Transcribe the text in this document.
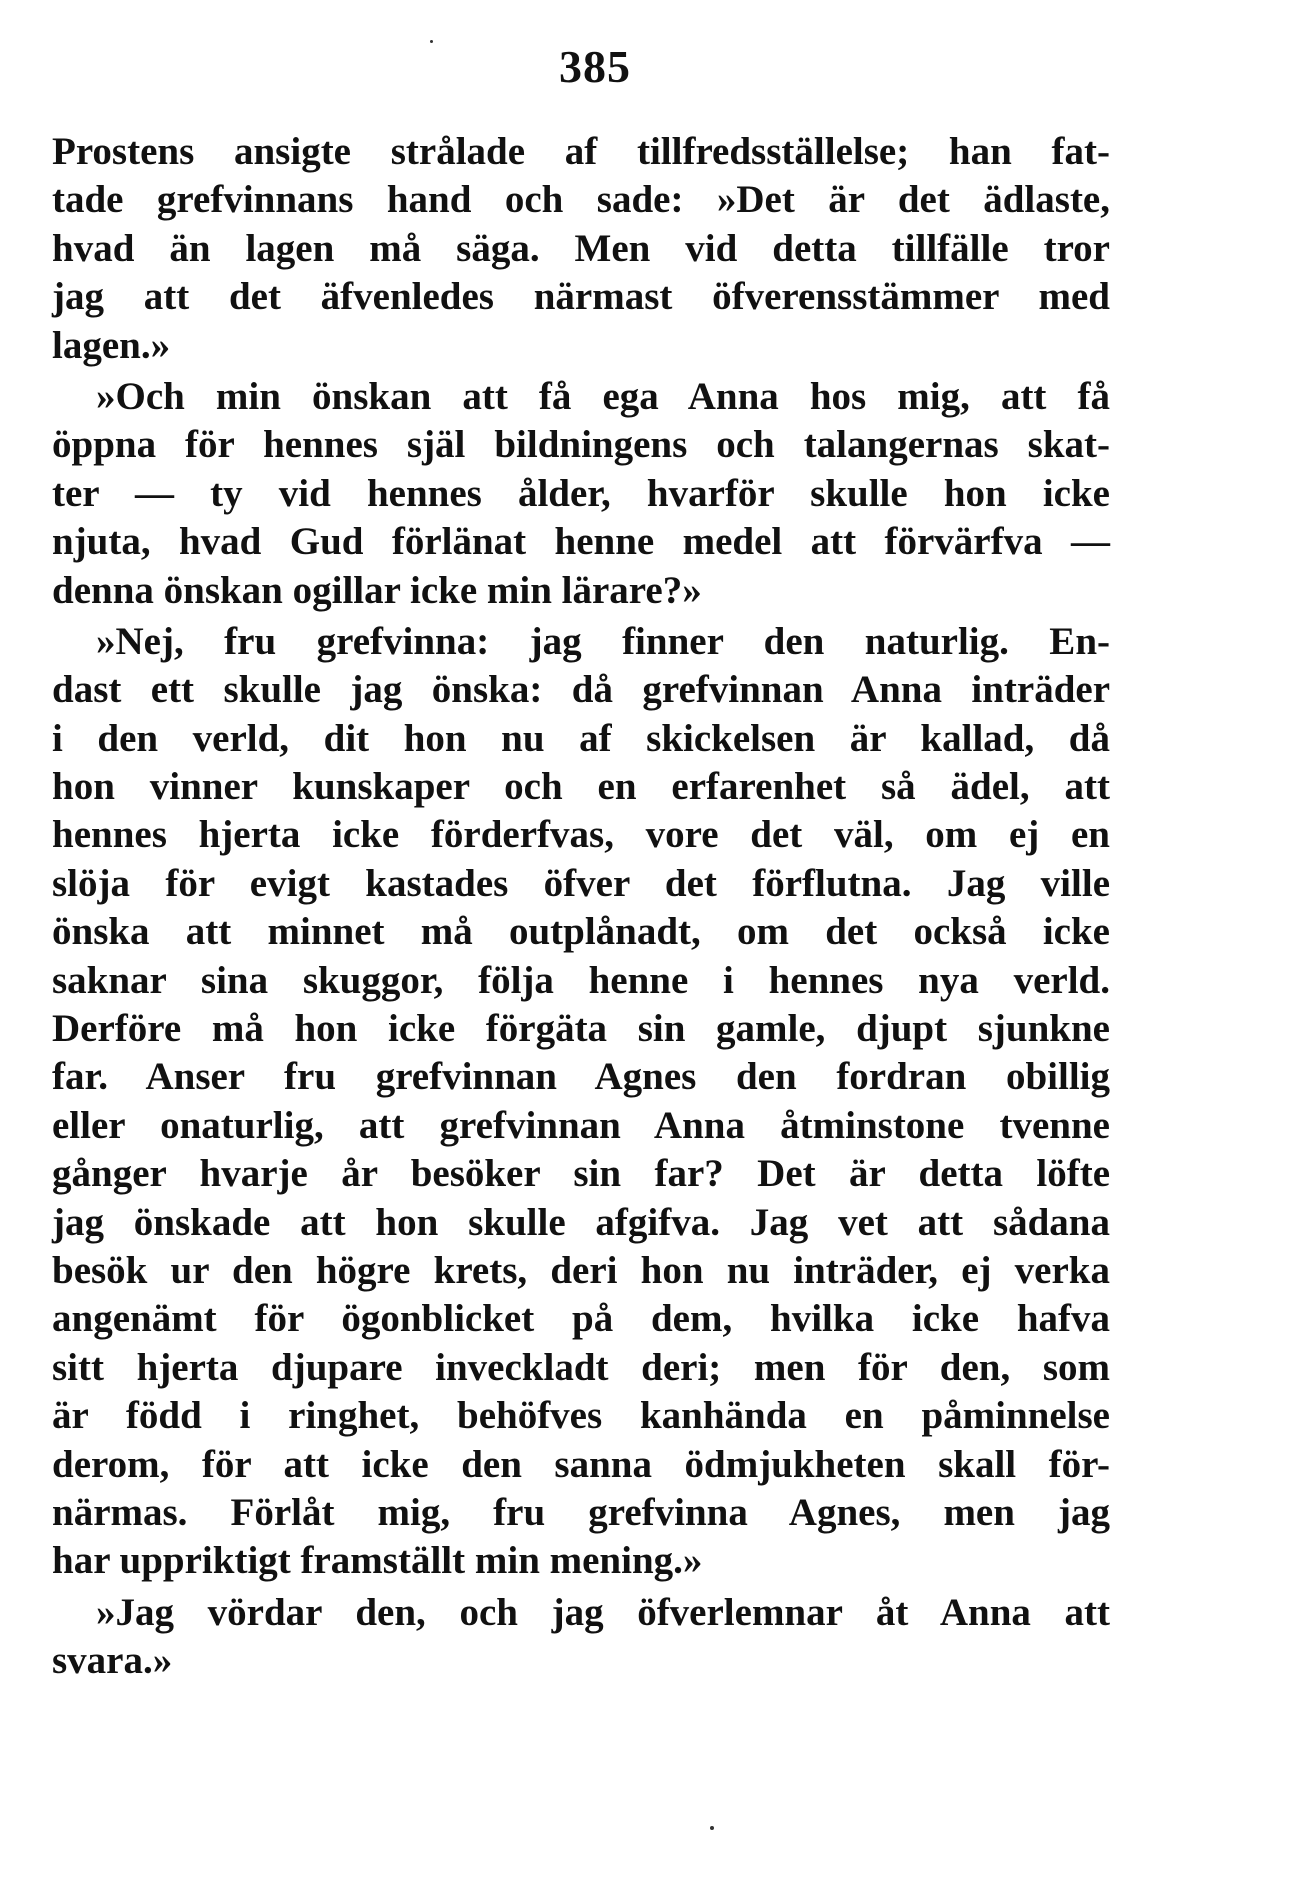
385
Prostens ansigte strålade af tillfredsställelse; han fat-
tade grefvinnans hand och sade: »Det är det ädlaste,
hvad än lagen må säga. Men vid detta tillfälle tror
jag att det äfvenledes närmast öfverensstämmer med
lagen.»
»Och min önskan att få ega Anna hos mig, att få
öppna för hennes själ bildningens och talangernas skat-
ter — ty vid hennes ålder, hvarför skulle hon icke
njuta, hvad Gud förlänat henne medel att förvärfva —
denna önskan ogillar icke min lärare?»
»Nej, fru grefvinna: jag finner den naturlig. En-
dast ett skulle jag önska: då grefvinnan Anna inträder
i den verld, dit hon nu af skickelsen är kallad, då
hon vinner kunskaper och en erfarenhet så ädel, att
hennes hjerta icke förderfvas, vore det väl, om ej en
slöja för evigt kastades öfver det förflutna. Jag ville
önska att minnet må outplånadt, om det också icke
saknar sina skuggor, följa henne i hennes nya verld.
Derföre må hon icke förgäta sin gamle, djupt sjunkne
far. Anser fru grefvinnan Agnes den fordran obillig
eller onaturlig, att grefvinnan Anna åtminstone tvenne
gånger hvarje år besöker sin far? Det är detta löfte
jag önskade att hon skulle afgifva. Jag vet att sådana
besök ur den högre krets, deri hon nu inträder, ej verka
angenämt för ögonblicket på dem, hvilka icke hafva
sitt hjerta djupare inveckladt deri; men för den, som
är född i ringhet, behöfves kanhända en påminnelse
derom, för att icke den sanna ödmjukheten skall för-
närmas. Förlåt mig, fru grefvinna Agnes, men jag
har uppriktigt framställt min mening.»
»Jag vördar den, och jag öfverlemnar åt Anna att
svara.»
